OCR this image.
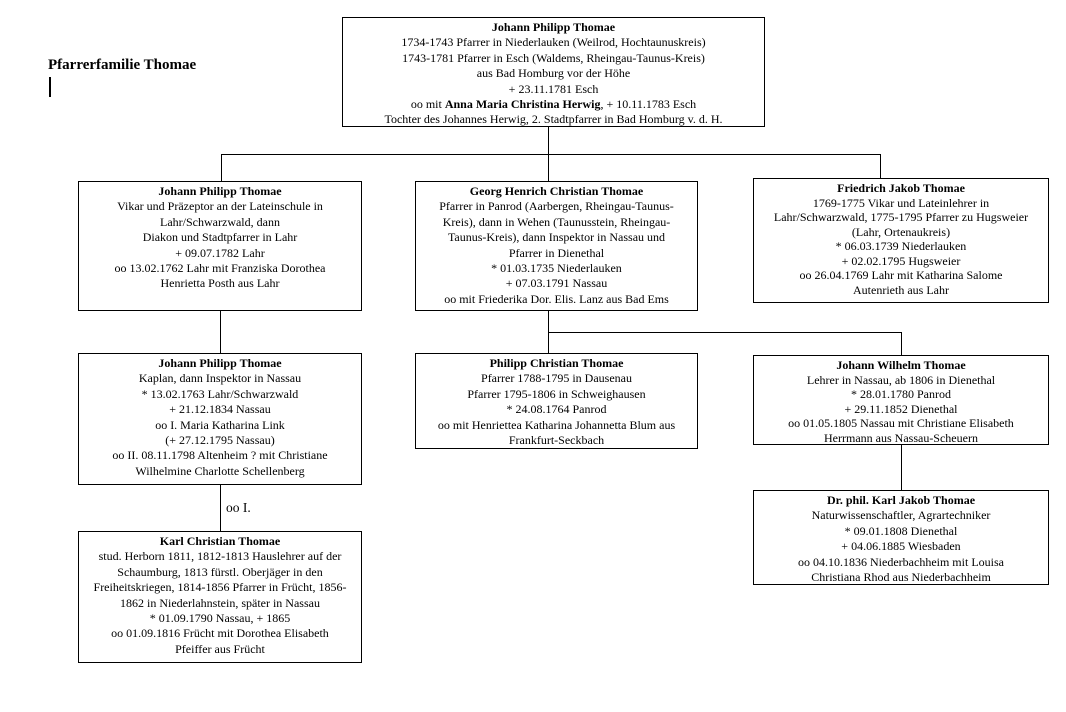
Pfarrerfamilie Thomae
Johann Philipp Thomae
1734-1743 Pfarrer in Niederlauken (Weilrod, Hochtaunuskreis)
1743-1781 Pfarrer in Esch (Waldems, Rheingau-Taunus-Kreis)
aus Bad Homburg vor der Höhe
+ 23.11.1781 Esch
oo mit Anna Maria Christina Herwig, + 10.11.1783 Esch
Tochter des Johannes Herwig, 2. Stadtpfarrer in Bad Homburg v. d. H.
Johann Philipp Thomae
Vikar und Präzeptor an der Lateinschule in
Lahr/Schwarzwald, dann
Diakon und Stadtpfarrer in Lahr
+ 09.07.1782 Lahr
oo 13.02.1762 Lahr mit Franziska Dorothea
Henrietta Posth aus Lahr
Georg Henrich Christian Thomae
Pfarrer in Panrod (Aarbergen, Rheingau-Taunus-
Kreis), dann in Wehen (Taunusstein, Rheingau-
Taunus-Kreis), dann Inspektor in Nassau und
Pfarrer in Dienethal
* 01.03.1735 Niederlauken
+ 07.03.1791 Nassau
oo mit Friederika Dor. Elis. Lanz aus Bad Ems
Friedrich Jakob Thomae
1769-1775 Vikar und Lateinlehrer in
Lahr/Schwarzwald, 1775-1795 Pfarrer zu Hugsweier
(Lahr, Ortenaukreis)
* 06.03.1739 Niederlauken
+ 02.02.1795 Hugsweier
oo 26.04.1769 Lahr mit Katharina Salome
Autenrieth aus Lahr
Johann Philipp Thomae
Kaplan, dann Inspektor in Nassau
* 13.02.1763 Lahr/Schwarzwald
+ 21.12.1834 Nassau
oo I. Maria Katharina Link
(+ 27.12.1795 Nassau)
oo II. 08.11.1798 Altenheim ? mit Christiane
Wilhelmine Charlotte Schellenberg
Philipp Christian Thomae
Pfarrer 1788-1795 in Dausenau
Pfarrer 1795-1806 in Schweighausen
* 24.08.1764 Panrod
oo mit Henriettea Katharina Johannetta Blum aus
Frankfurt-Seckbach
Johann Wilhelm Thomae
Lehrer in Nassau, ab 1806 in Dienethal
* 28.01.1780 Panrod
+ 29.11.1852 Dienethal
oo 01.05.1805 Nassau mit Christiane Elisabeth
Herrmann aus Nassau-Scheuern
Dr. phil. Karl Jakob Thomae
Naturwissenschaftler, Agrartechniker
* 09.01.1808 Dienethal
+ 04.06.1885 Wiesbaden
oo 04.10.1836 Niederbachheim mit Louisa
Christiana Rhod aus Niederbachheim
Karl Christian Thomae
stud. Herborn 1811, 1812-1813 Hauslehrer auf der
Schaumburg, 1813 fürstl. Oberjäger in den
Freiheitskriegen, 1814-1856 Pfarrer in Frücht, 1856-
1862 in Niederlahnstein, später in Nassau
* 01.09.1790 Nassau, + 1865
oo 01.09.1816 Frücht mit Dorothea Elisabeth
Pfeiffer aus Frücht
oo I.
